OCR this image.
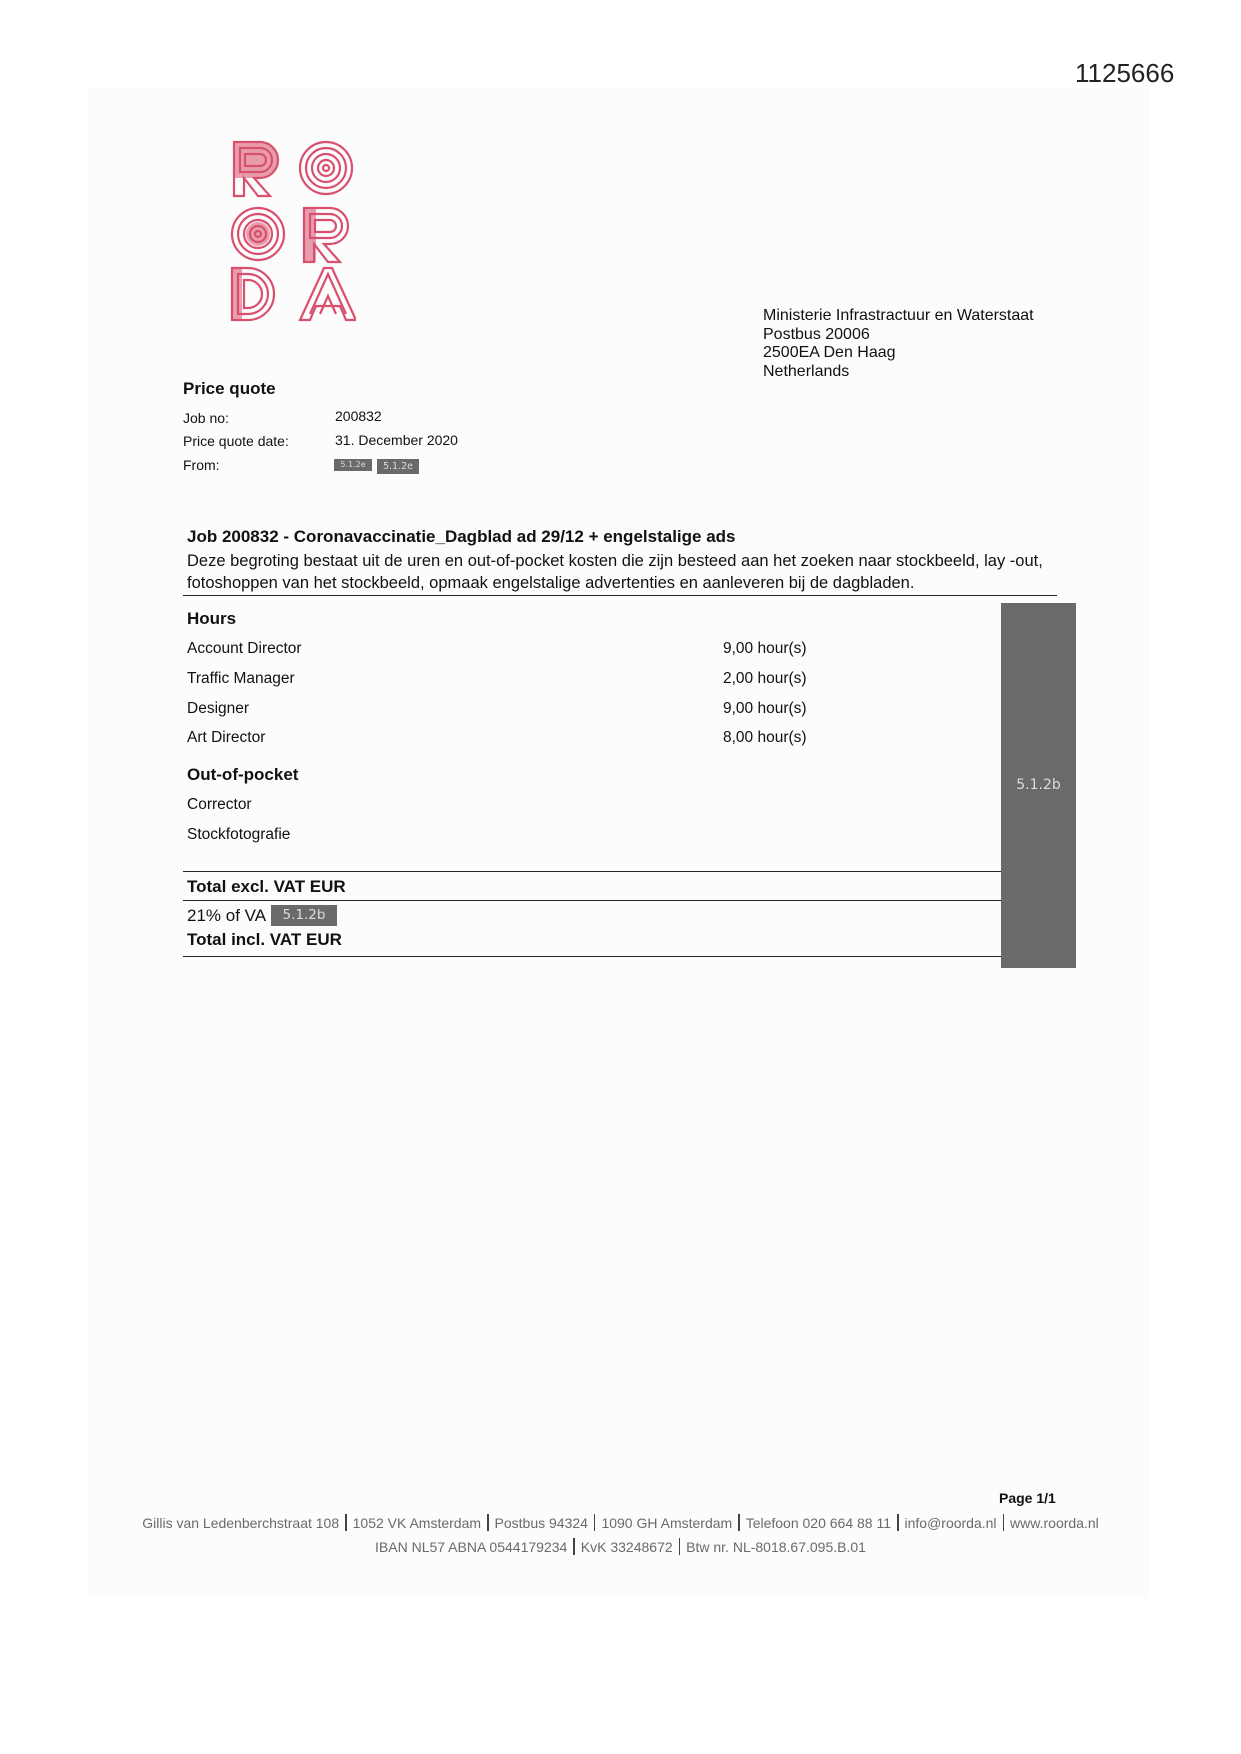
1125666
Ministerie Infrastractuur en Waterstaat
Postbus 20006
2500EA Den Haag
Netherlands
Price quote
Job no:	200832
Price quote date:	31. December 2020
From:	5.1.2e	5.1.2e
Job 200832 - Coronavaccinatie_Dagblad ad 29/12 + engelstalige ads
Deze begroting bestaat uit de uren en out-of-pocket kosten die zijn besteed aan het zoeken naar stockbeeld, lay -out, fotoshoppen van het stockbeeld, opmaak engelstalige advertenties en aanleveren bij de dagbladen.
Hours
Account Director	9,00 hour(s)
Traffic Manager	2,00 hour(s)
Designer	9,00 hour(s)
Art Director	8,00 hour(s)
Out-of-pocket
Corrector
Stockfotografie
Total excl. VAT EUR
21% of VA	5.1.2b
Total incl. VAT EUR
5.1.2b
Page 1/1
Gillis van Ledenberchstraat 108 1052 VK Amsterdam Postbus 94324 1090 GH Amsterdam Telefoon 020 664 88 11 info@roorda.nl www.roorda.nl
IBAN NL57 ABNA 0544179234 KvK 33248672 Btw nr. NL-8018.67.095.B.01
